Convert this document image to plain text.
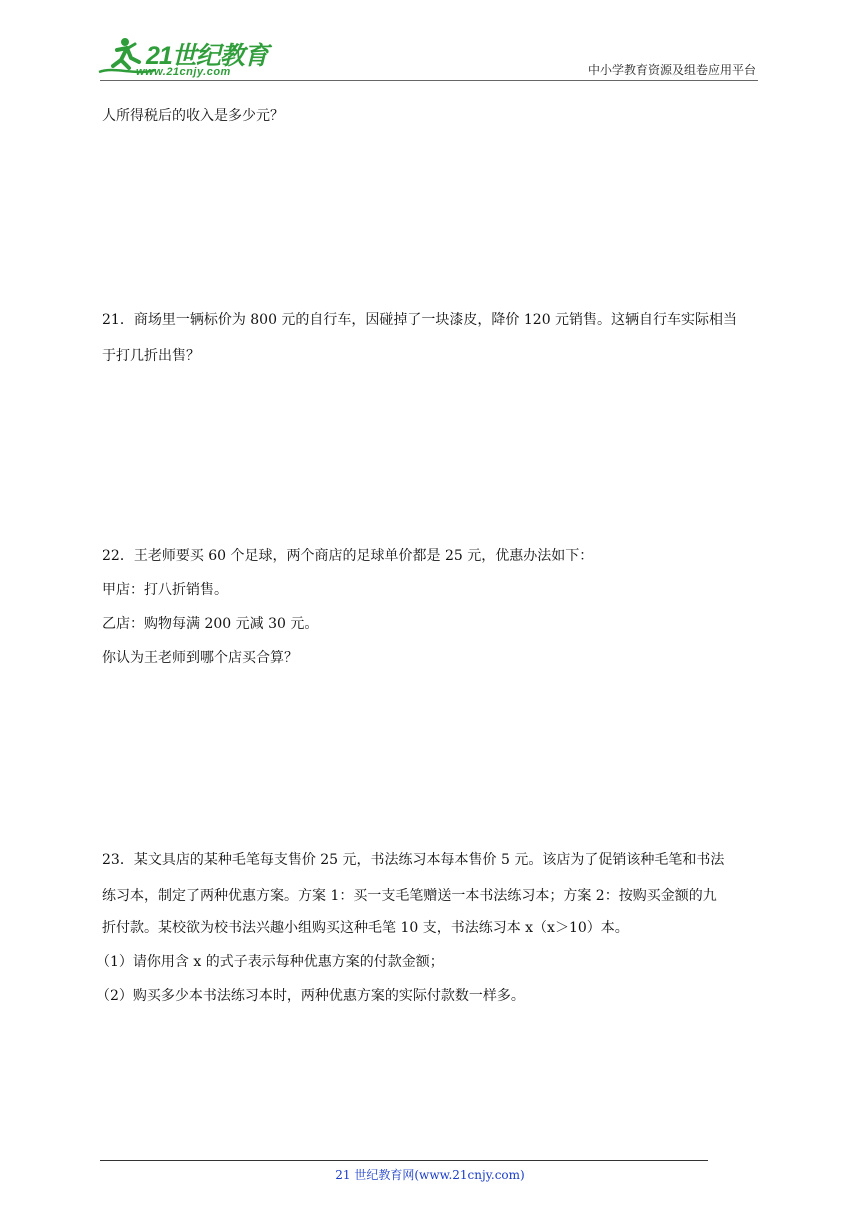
21世纪教育
www.21cnjy.com	中小学教育资源及组卷应用平台
人所得税后的收入是多少元？
21．商场里一辆标价为 800 元的自行车，因碰掉了一块漆皮，降价 120 元销售。这辆自行车实际相当
于打几折出售？
22．王老师要买 60 个足球，两个商店的足球单价都是 25 元，优惠办法如下：
甲店：打八折销售。
乙店：购物每满 200 元减 30 元。
你认为王老师到哪个店买合算？
23．某文具店的某种毛笔每支售价 25 元，书法练习本每本售价 5 元。该店为了促销该种毛笔和书法
练习本，制定了两种优惠方案。方案 1：买一支毛笔赠送一本书法练习本；方案 2：按购买金额的九
折付款。某校欲为校书法兴趣小组购买这种毛笔 10 支，书法练习本 x（x＞10）本。
（1）请你用含 x 的式子表示每种优惠方案的付款金额；
（2）购买多少本书法练习本时，两种优惠方案的实际付款数一样多。
21 世纪教育网(www.21cnjy.com)
